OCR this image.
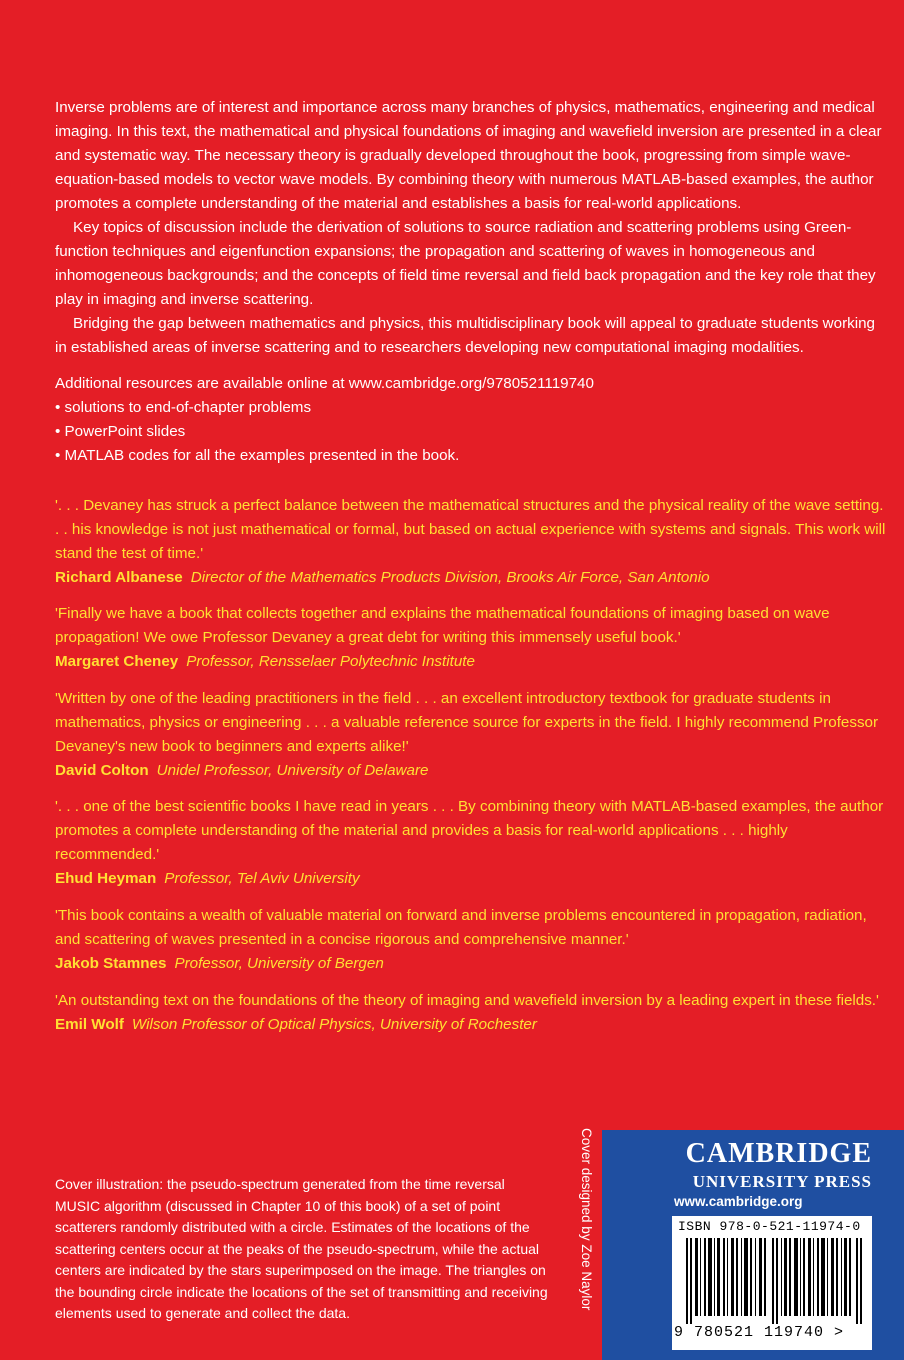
Inverse problems are of interest and importance across many branches of physics, mathematics, engineering and medical imaging. In this text, the mathematical and physical foundations of imaging and wavefield inversion are presented in a clear and systematic way. The necessary theory is gradually developed throughout the book, progressing from simple wave-equation-based models to vector wave models. By combining theory with numerous MATLAB-based examples, the author promotes a complete understanding of the material and establishes a basis for real-world applications.

Key topics of discussion include the derivation of solutions to source radiation and scattering problems using Green-function techniques and eigenfunction expansions; the propagation and scattering of waves in homogeneous and inhomogeneous backgrounds; and the concepts of field time reversal and field back propagation and the key role that they play in imaging and inverse scattering.

Bridging the gap between mathematics and physics, this multidisciplinary book will appeal to graduate students working in established areas of inverse scattering and to researchers developing new computational imaging modalities.

Additional resources are available online at www.cambridge.org/9780521119740
• solutions to end-of-chapter problems
• PowerPoint slides
• MATLAB codes for all the examples presented in the book.
'. . . Devaney has struck a perfect balance between the mathematical structures and the physical reality of the wave setting. . . his knowledge is not just mathematical or formal, but based on actual experience with systems and signals. This work will stand the test of time.'
Richard Albanese Director of the Mathematics Products Division, Brooks Air Force, San Antonio
'Finally we have a book that collects together and explains the mathematical foundations of imaging based on wave propagation! We owe Professor Devaney a great debt for writing this immensely useful book.'
Margaret Cheney Professor, Rensselaer Polytechnic Institute
'Written by one of the leading practitioners in the field . . . an excellent introductory textbook for graduate students in mathematics, physics or engineering . . . a valuable reference source for experts in the field. I highly recommend Professor Devaney's new book to beginners and experts alike!'
David Colton Unidel Professor, University of Delaware
'. . . one of the best scientific books I have read in years . . . By combining theory with MATLAB-based examples, the author promotes a complete understanding of the material and provides a basis for real-world applications . . . highly recommended.'
Ehud Heyman Professor, Tel Aviv University
'This book contains a wealth of valuable material on forward and inverse problems encountered in propagation, radiation, and scattering of waves presented in a concise rigorous and comprehensive manner.'
Jakob Stamnes Professor, University of Bergen
'An outstanding text on the foundations of the theory of imaging and wavefield inversion by a leading expert in these fields.'
Emil Wolf Wilson Professor of Optical Physics, University of Rochester
Cover illustration: the pseudo-spectrum generated from the time reversal MUSIC algorithm (discussed in Chapter 10 of this book) of a set of point scatterers randomly distributed with a circle. Estimates of the locations of the scattering centers occur at the peaks of the pseudo-spectrum, while the actual centers are indicated by the stars superimposed on the image. The triangles on the bounding circle indicate the locations of the set of transmitting and receiving elements used to generate and collect the data.
Cover designed by Zoe Naylor	CAMBRIDGE
UNIVERSITY PRESS
www.cambridge.org
ISBN 978-0-521-11974-0
9 780521 119740 >
